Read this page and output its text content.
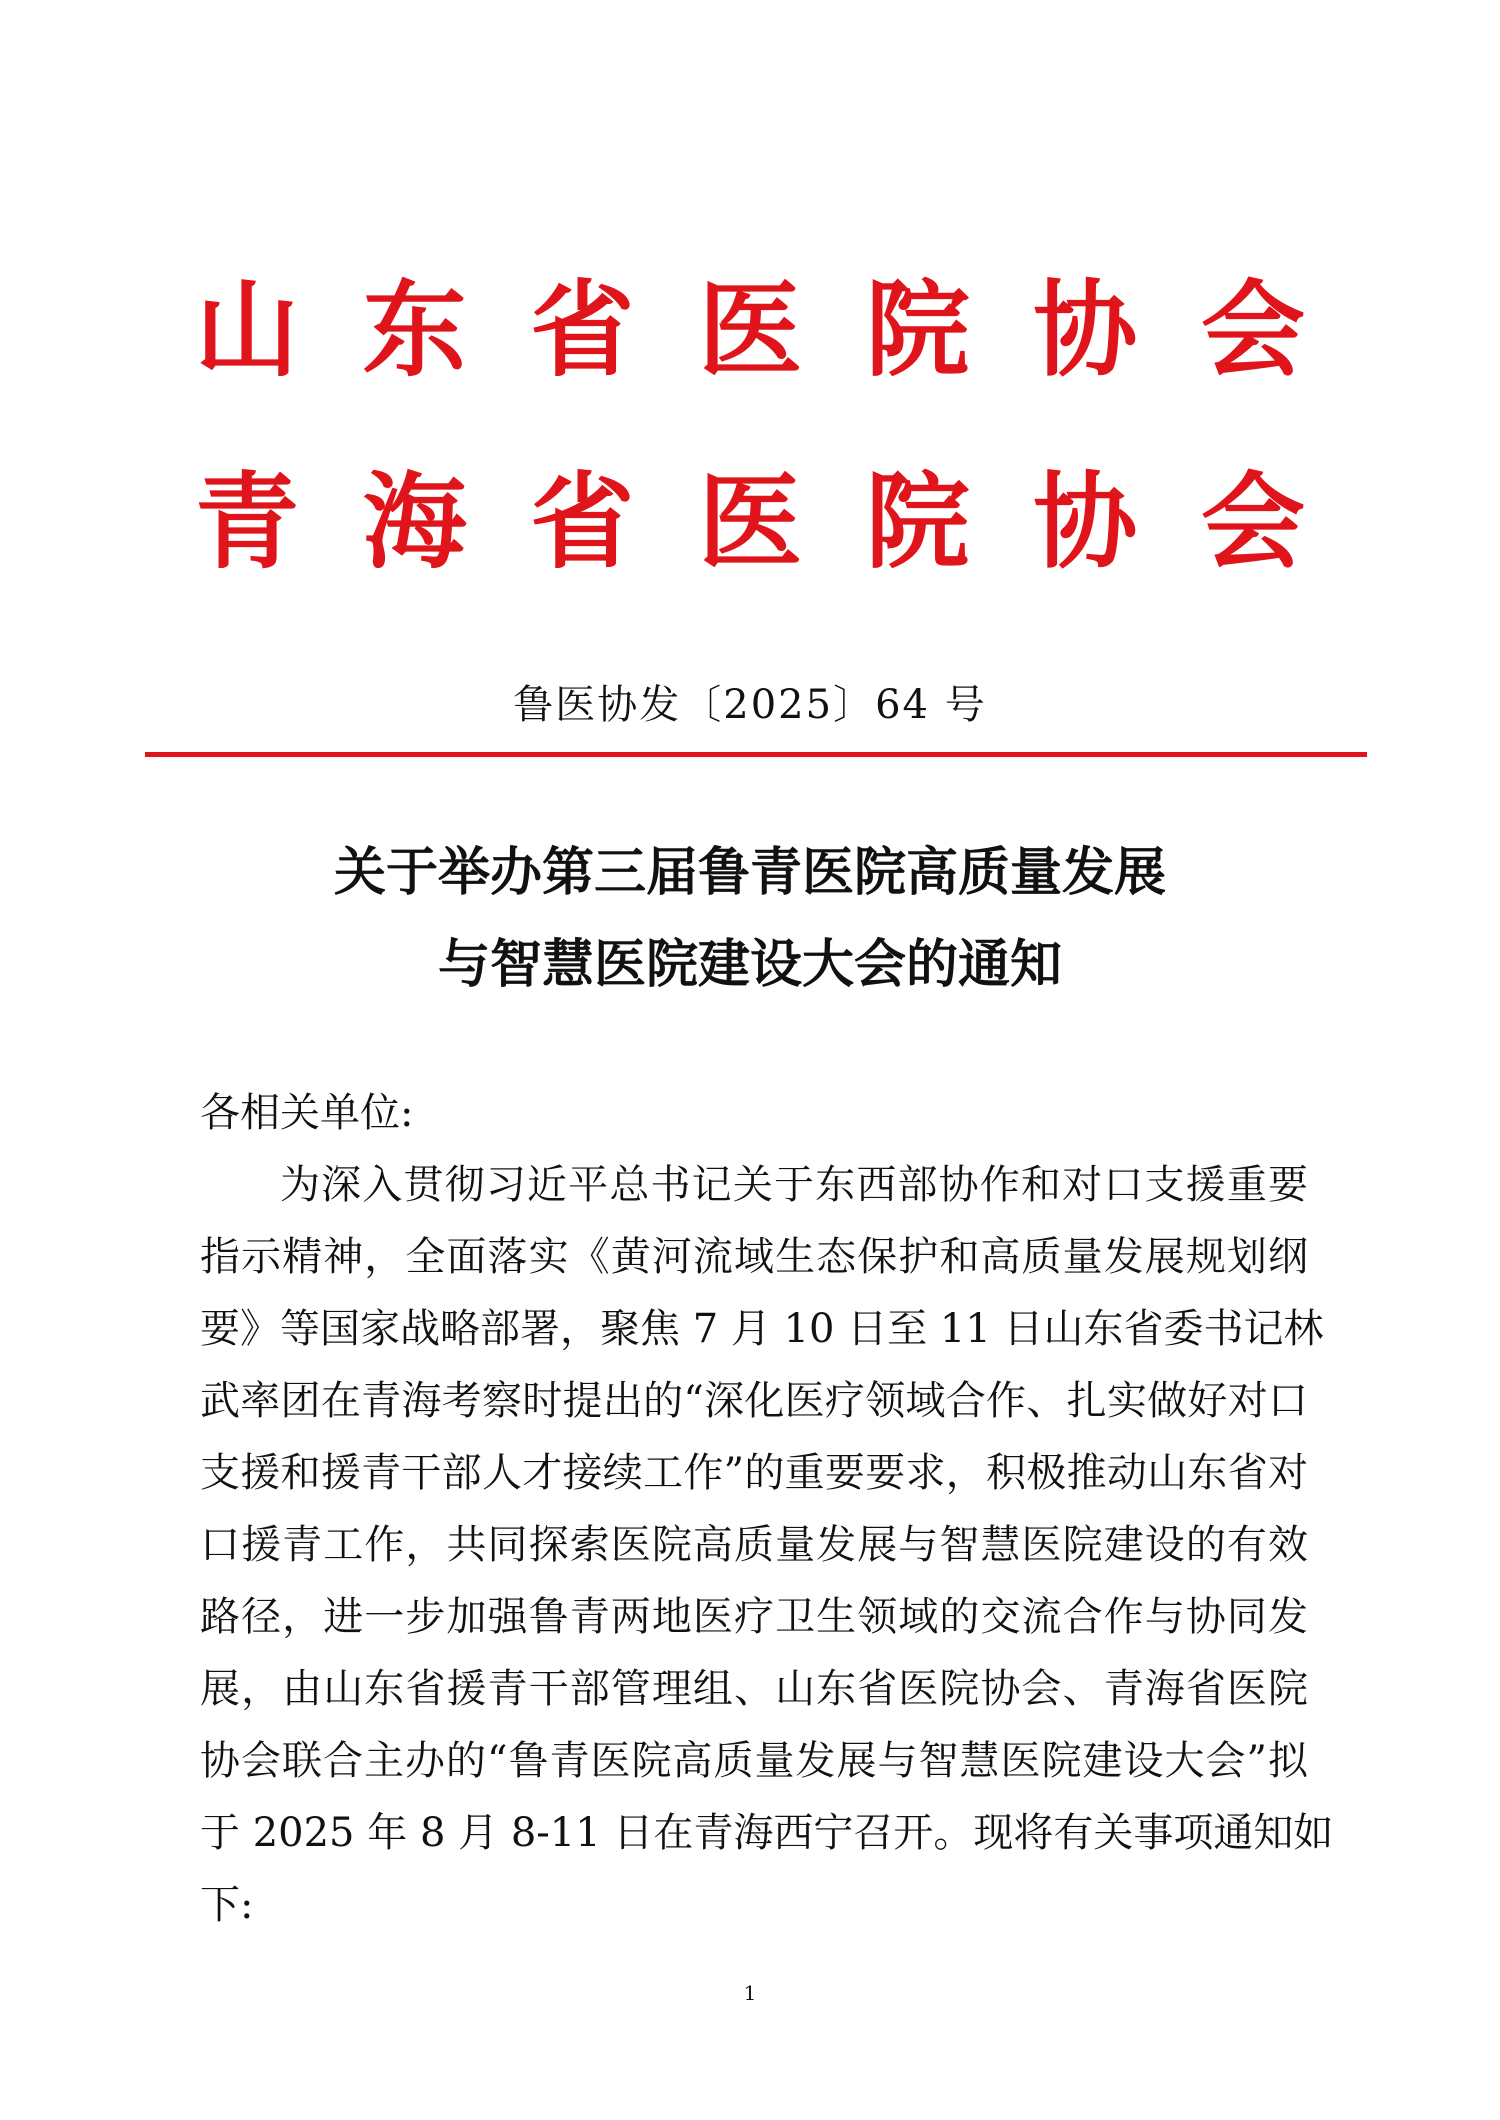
山 东 省 医 院 协 会
青 海 省 医 院 协 会
鲁医协发〔2025〕64 号
关于举办第三届鲁青医院高质量发展
与智慧医院建设大会的通知
各相关单位:
为深入贯彻习近平总书记关于东西部协作和对口支援重要
指示精神，全面落实《黄河流域生态保护和高质量发展规划纲
要》等国家战略部署，聚焦 7 月 10 日至 11 日山东省委书记林
武率团在青海考察时提出的“深化医疗领域合作、扎实做好对口
支援和援青干部人才接续工作”的重要要求，积极推动山东省对
口援青工作，共同探索医院高质量发展与智慧医院建设的有效
路径，进一步加强鲁青两地医疗卫生领域的交流合作与协同发
展，由山东省援青干部管理组、山东省医院协会、青海省医院
协会联合主办的“鲁青医院高质量发展与智慧医院建设大会”拟
于 2025 年 8 月 8-11 日在青海西宁召开。现将有关事项通知如
下:
1
